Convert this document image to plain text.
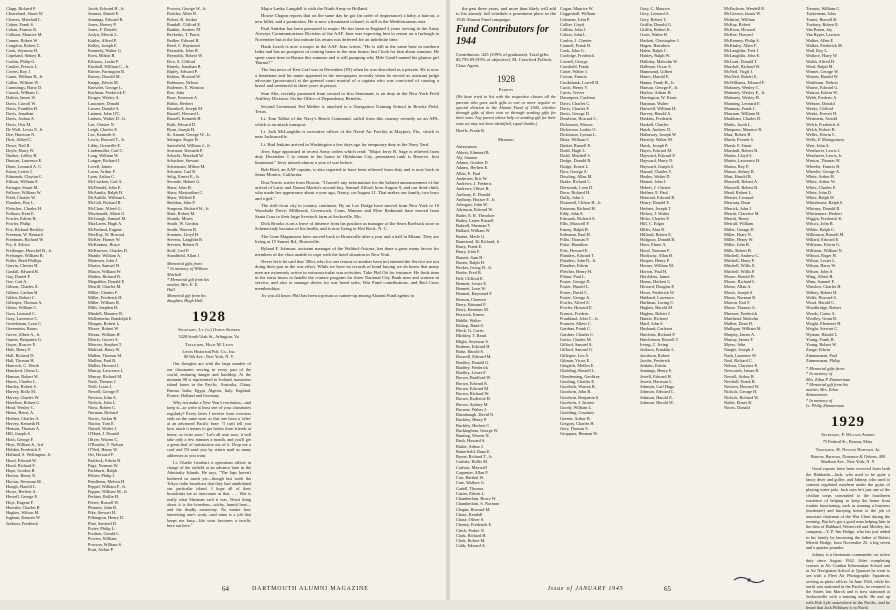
Clapp, Richard F.
Cleaveland, Stuart W.
Cleaves, Marshall L.
Coben, Frank S.
Cohan, Francis R.
Colburn, Maurice M.
Conner, Robert W.
Congdon, Robert C.
Cook, Seymour H.
Copeland, Sidney B.
Corbin, Philip G.
Coulter, Francis L.
Covert, Roy J.
Crane, William B., Jr.
Cullen, William W.
Cummings, Harry D.
Cusack, William C.
Dalton, James W.
Davis, Carroll W.
Davis, Franklin H.
Davis, Jonathan
Davis, Joshua A.
Davis, Otis M.
De Wolf, Lewis P., Jr.
Dee, Harrison N.
Dick, Alfred C.
Dowe, Ned R.
Doyle, Harry W.
Dueker, LeRoy H.
Duncan, Laurence E.
Dunn, Leonard A. C.
Eaton, Lester J.
Edmonds, Clayton C.
Ellison, William F.
Estinger, Stuart M.
Fellows, William W.
Field, Charles W.
Flanders, Roy L.
Fleischer, Charles H.
Folborn, Kent E.
Fowler, Edwin H.
Fowler, Philip
Fox, Richard Beckley
Freeman, W. Bernard
Friedman, Richard W.
Fry, S. Edwin
Freiberger, Herschel B., Jr.
Frybarger, William B.
Fuller, Reed Phillips
Garvin, Chester H.
Gaskill, Edward R.
Gay, Daniel F.
Gee, Carl A.
Gibson, Charles A.
Gilbert, Carlton B.
Gillett, Robert C.
Gillespie, Thomas A.
Glenn, William C.
Goss, Leonard C.
Gray, Lawrence C.
Greenbaum, Leon C.
Greenstein, Bruno
Greve, Albert A., Jr.
Gunter, Benjamin G.
Guyer, Roscoe E.
Hale, Henry P.
Hall, Richard D.
Hall, Thomas H.
Hancock, C. Worth
Hansford, Glenn L.
Hanson, Robert W.
Harris, Charles L.
Hartley, Robert S.
Harvey, Rollo M.
Harvey, Charles W.
Hazelton, Robert C.
Head, Wesley C.
Heinz, Henry A.
Herbert, Charles A.
Hervey, Kenneth H.
Henson, Thomas A.
Hill, Joseph S.
Hoitt, George F.
Hoyt, William S., 3rd
Holden, Frederick F.
Holland, S. Wellington, Jr.
Hood, Edward W.
Hood, Richard F.
Hope, Gordon R.
Horton, Henry N.
Horton, Newman M.
Hough, Harold L.
Howe, Herbert A.
Howell, George E.
Hoyt, Eugene F.
Huestler, Charles R.
Hughes, Wilson M.
Ingham, Kennett W.
Jackson, Frederick
Jacob, Edward H., Jr.
Jenness, Daniel E.
Jennings, Edward R.
Jones, Harvey P.
Jones, F. Donald
Joslyn, Merritt L.
Kahler, Alfred P.
Kelley, Joseph F.
Kennedy, Walter G.
Kern, Milton B.
Kilmarx, Leslie F.
Kimball, William C., Jr.
Kinner, Farrington B.
Kinsey, Donald M.
Knapp, Edwin M.
Knowles, George L.
Korlman, Frederick F.
Kruger, Wesley A.
Lancaster, Donald
Larsen, Donald A.
Latimer, John O'C.
Lashaw, Walter D., Jr.
Lee, Chester N.
Leigh, Charles E.
Lex, Kenneth S.
Lewis, Howard T., Jr.
Libby, Granville E.
Lindemuller, Carl C.
Long, William W.
Longee, Richard J.
Lovell, James
Lucas, Arthur F.
Lynn, Arthur C.
McCracken, Carl A.
McDonald, John E.
McAnulty, Ralph H.
McAuliffe, William L.
McCall, Richard R.
McClure, Alfred G.
Macdonald, Albert G.
McGough, Samuel M.
MacLaren, Hugh A.
McFarland, Eugene
MacKay, W. Howard
McKee, Homer W.
McKennon, Bruce
McKnower, Charles D.
Mantle, William A.
Mattesen, John J.
Martin, Samuel H.
Mason, William W.
Mather, Richard B.
Megathlin, Donald E.
Merrill, Charles M.
Miller, Charles F.
Miller, Frederick H.
Miller, William H.
Mills, Stephen H.
Mindell, Maurice B.
Mollenheim, Randolph E.
Morgan, Robert L.
Moore, Robert W.
Moran, William H.
Morris, Grover S.
Morrow, Stephen T.
Mulford, Harry W.
Mullen, Thomas M.
Mullins, Paul R.
Mullin, Howard J.
Murray, Lawrence J.
Murray, Richard M.
Nash, Thomas J.
Neill, Louis J.
Newell, George P.
Newton, John A.
Nichols, John L.
Nims, Robert C.
Norman, Richard
Norris, Arthur H.
Norton, Tom E.
Nuttall, Walter J.
O'Hara, J. Donald
Oliver, Warren C.
O'Rourke, T. Nelson
O'Neil, Henry W.
Orr, Howard F.
Paddock, Edwin B.
Page, Norman W.
Parkhurst, Ralph
Peltier, Philip J.
Pendleton, Melvin H.
Peppel, William F., Jr.
Pepper, William M., Jr.
Perkins, Rollin H.
Pettee, Russell W.
Phinney, John R.
Pike, Stewart H.
Pilkington, Henry D.
Platt, Sanford D.
Potter, Philip L.
Poulton, Gerald L.
Powers, William
Powson, William S.
Pratt, Arthur P.
Provost, George W., Jr.
Pulsifer, Allen H.
Pulver, B. Jordan
Randall, Clifford E.
Rankin, Andrew M.
Reckefus, T. Parris
Redlee, Edward B.
Reed, C. Raymond
Reynolds, John H.
Reynolds, Robert W.
Rice, S. Clifford
Rintels, Jonathan B.
Ripley, Edward P.
Robins, Howard W.
Robinson, Nelson
Rodemer, E. Winston
Roe, John
Rose, Emerson A.
Rubin, Herbert
Ruenkoff, Joseph M.
Russell, Howard L.
Russell, Kenneth H.
Ruth, Edward D.
Ryan, Joseph H.
St. Amant, George W., Jr.
Salinger, Roger B.
Satterfield, William J., Jr.
Scarmon, Kenneth P.
Schacht, Marshall W.
Schackne, Stewart
Schiesman, Milton M.
Schuster, Carl R.
Selig, Ernest E., Jr.
Seronde, Hubert G.
Shaw, John H.
Shaw, Maximilian C.
Shaw, Wilfred E.
Sheldon, John P.
Simpson, Richard W., Jr.
Slate, Robert M.
Slotnik, Moses
Smith, W. Gordon
Smith, Warren B.
Sommer, Lloyd H.
Stevens, Laughlin B.
Stevens, Robert N.
Stoff, Carl P.
Standfield, Allan J.
Memorial gifts from:
* In memory of William
Mitchell
* Memorial gift from his
mother, Mrs. E. E.
Hall.
Memorial gift from his
daughter, Hugh Hall.
1928
Secretary, Lt. (jg) Osmun Skinner
3328 South Utah St., Arlington, Va.
Treasurer, Hugh M. Lewis
Lewis Historical Pub. Co., Inc.
80 8th Ave., New York, N. Y.

Our thoughts are with the large number of our classmates serving in every part of the world, enduring danger and hardship. At the moment 98 is represented in Iceland, numerous island bases in the Pacific, Australia, China, Burma, India, Egypt, Algeria, Italy, England, France, Holland and Germany.

Why not make a New Year's resolution—and keep it—to write at least one of your classmates regularly? Every letter I receive from overseas ends on the same note: as this one from a 'offer' at an advanced Pacific base: "I can't tell you how much it means to get letters from friends at home, so write soon." Let's all start now; it will take only a few minutes a month, and you'll get a great deal of satisfaction out of it. Drop me a card and I'll send you by return mail as many addresses as you want.

Lt. Charlie Gearhart is operations officer in charge of the airfield at an advance base in the Admiralty Islands. He says, "The Japs haven't bothered us much yet—though last week the Tokyo radio broadcast that they had annihilated our particular island. I hope all of their broadcasts are as inaccurate as that. . . . War is really what Sherman said it was. Worst thing about it is the boredom—sticky, humid heat—and the deadly monotony. No matter how interesting one's work—and mine is a job that keeps me busy—life soon becomes a terrific bore out here."

Major Lanky Langdell is with the Ninth Army in Holland.

Howie Chapin reports that on the same day he got (in order of importance) a baby, a haircut, a new billet, and a promotion. He is now a lieutenant colonel, is still in the Mediterranean area.

Paul Amidon has been promoted to major. He has been in England 3 years serving in the Army Airways Communications Division of the AAF. Jane was expecting him to return on a furlough in November but at the last minute his return was deferred for an indefinite time.

Hank Leach is now a major in the AAF. Jean writes, "He is still at the same base in northern India and has no prospects of coming home in the near future, but I look for him about summer. He spent some time in Burma this summer and is still pumping why Mile Caniff named his glamor girl 'Burma'!"

The last news of Ken Graf was in December (93) when he was described as a private. He is now a lieutenant and his name appeared in the newspapers recently when he served as assistant judge advocate (prosecutor) at the general court martial of a captain who was convicted of causing a brawl and sentenced to three years in prison.

Stan Alte, recently promoted from second to first lieutenant, is on duty in the New York Field Artillery Division. On the Office of Dependency Benefits.

Second Lieutenant Ted Mehler is attached to a Navigation Training School in Brooks Field, Texas.

Lt. Tom Talbot of the Navy's Beach Command, sailed from this country recently on an APA, which is an attack transport.

Lt. Jack McLaughlin is executive officer of the Naval Air Facility at Mayport, Fla., which is near Jacksonville.

Lt. Bud Jenkins arrived in Washington a few days ago for temporary duty at the Navy Yard.

Jerry Sage appointed in recent Army orders which read: "Major Jerry B. Sage is relieved from duty December 1 to return to his home in Oklahoma City, permanent rank is Reserve, first lieutenant." Jerry missed almost a year of war before.

Bob Reid, an AAF captain, is also reported to have been relieved from duty and is now back in Santa Monica, California.

Don Norris writes from Boston, "I haven't any information for the belated announcement of the arrival of Larry and Naomi Martin's second boy, Samuel Alford, born August 9, and our third child, who made her appearance about a year ago, Nancy, on August 11. That makes our family, two boys and a girl."

The shift from city to country continues. By air Los Dodge have moved from New York to 10 Woodside Drive, Millbrook, Greenwich, Conn. Munroe and Elise Redmond have moved from Santa Cruz to their large livestock farm at Sacksville, Mo.

Dick Brooks is on a leave of absence from his position as manager of the Sears Roebuck store in Schenectady because of his health, and is now living in Flat Rock, N. C.

The Gene Magnusons have moved back to Bronxville after a year and a half in Miami. They are living at 15 Sunset Rd., Bronxville.

Ryland F. Johnson, assistant manager of the Waldorf-Astoria, has done a great many favors for members of the class unable to cope with the hotel situation in New York.

Never let it be said that '28ers who for one reason or another have not entered the Service are not doing their part in the war effort. While we have no records of bond buying we do know that many men are extremely active in extracurricular war activities. Take Phil Ott for instance: He finds time in his extra hours to handle the contact program for three National City Bank men and women in service, and also to manage drives for war bond sales, War Fund contributions, and Red Cross memberships.

As you all know Phil has been top man or runner-up among Alumni Fund agents in

64	DARTMOUTH ALUMNI MAGAZINE

the past three years, and more than likely will add to his already full schedule a prominent place in the 1945 Alumni Fund campaign.

Fund Contributors for 1944
Contributors: 425 (199% of graduates). Total gifts: $3,795.09 (93% of objective). M. Crawford Pollock, Class Agent.
1928
Parents
(We have tried to list with the respective classes all the parents who gave such gifts to one or more regular or special division in the Alumni Fund of 1944, whether through gifts of their own or through sending gifts for their sons. Any parent whose help or sending gift for their sons we may not have identified, equal thanks.)
Hoefle, Frank B.
Members
Anonymous
Abbott, Edmund B.
Aly, Stanton
Adams, Gordon D.
Adams, Herbert E.
Allen, E. Paul
Andersen, Eric W.
Andrews, J. Frederic
Andrews, Oliver R.
Anthony, E. Donald
Anthony, Horace F., Jr.
Arbogast, John W.
Atkinson, Edward W.
Bader, E. R. Theodore
Bailey, Lester Russell
Bakeell, Sherman T.
Ballard, William W.
Barber, Merle G.
Barnstead, Kt Richard, Jr.
Barry, Frank E.
Barry, John F.
Bassett, Sam H.
Baxter, Ralph H.
Becker, Irving H., Jr.
Beebe, Fred B.
Bell, Clifford E.
Bennett, Lester E.
Bennett, Leon W.
Bennett, Raymond F.
Benson, Clarence
Berry, Edmund F.
Berry, Emmons M.
Beswick, Ernest
Biddle, Walter
Bishop, Rand S.
Bleck, G. Curtis
Blickley, T. Rand
Blight, Seymour S.
Bodmer, Edward H.
Bolte, Harold S.
Boswell, Edward M.
Bradley, Donald G.
Bradley, Frederick
Bradley, Lester F.
Brown, Bradford W.
Brown, Edward E.
Brown, Edward M.
Brown, Richard W.
Brown, Roderick H.
Brown, Sydney M.
Browne, Walter J.
Brumbaugh, David N.
Buckley, Henry P.
Buckley, Herbert C.
Buckingham, George W.
Bunting, Warren N.
Bush, Howard S.
Butler, Arthur J.
Butterfield, Dana E.
Byrne, Richard T., Jr.
Carlisle, Hollis M.
Carlson, Maxwell
Carpenter, Allan P.
Carr, Bartlett W.
Cate, Wallace G.
Cattell, Thomas
Cazier, Edwin L.
Chamberlain, Bruce W.
Chamberlain, S. Norman
Chapin, Howard M.
Chase, Kendall
Chase, Oliver S.
Cheney, Frederick E.
Chick, Parker N.
Clark, Richard H.
Clark, Robert M.
Cobb, Edward A.
Cogan, Maurice W.
Coggeshall, William
Coleman, John P.
Collier, Lloyd
Collins, John J.
Colton, John L.
Conlon, J. Chester
Connell, Frank H.
Cook, John G.
Coolidge, Frederick
Cornell, George
Cornfield, Frank
Cotter, Walter J.
Cowan, Francis
Cruikshank, Lowell B.
Curtis, Henry V.
Curtis, Trevor
Davenport, Carleton
Davis, Charles C.
Davis, Charles F.
Davis, George D.
Dearborn, Howard C.
Dickinson, Watson
Dickerson, Luther O.
Dickinson, Lyman L.
Dietz, William C.
Dinkel, Russell E.
Dodd, Hugh L.
Dodd, Mitchell S.
Dodge, Donald B.
Dodge, Ernest L.
Dow, George A.
Dowling, Allan M.
Drake, Richard C.
Drewniak, Leon D.
Drew, Richard H.
Duffy, John J.
Dwinnell, Clifton H., Jr.
Eastman, Richard H.
Eddy, John S.
Edwards, Richard A.
Ellis, Maxwell P.
Emery, Ralph H.
Erdmann, Paul H.
Fillio, Thomas F.
Fiske, Hamilton
Fitts, Howard E.
Flanders, Edward T.
Flanders, John B., Jr.
Flanders, Edwin
Fletcher, Henry H.
Flitner, Paul L.
Foster, George D.
Foster, Harold L.
Foster, David C.
Foster, George A.
Fowler, Alfred E.
Fowler, Howard E.
Francis, Frederic
Frankland, John C., Jr.
Franzen, Albert C.
Gardner, Frank C.
Gardner, Charles C.
Gavin, Charles M.
Gifford, Samuel A.
Gifford, Samuel G.
Gillespie, Leo A.
Gilman, Victor E.
Gingrich, Mellen E.
Gladding, Russell L.
Glendenning, Geoffrey
Gooding, Charles E.
Goodrich, Warren B.
Goodwin, John B.
Goodwin, Benjamin S.
Goodwin, J. Jerome
Goody, William L.
Goulding, Courtney
Greene, Arthur B.
Gregory, Charles H.
Grey, Thomas S.
Groppuer, Herman W.
Gray, C. Maurice
Grey, Leonard A.
Grey, Robert T.
Griffin, Donald G.
Griffin, Robert K.
Gwin, Walter B.
Hackett, Christopher J.
Hagen, Hamilton
Halen, Ralph C.
Hanley, Ralph W.
Halliday, Malcolm W.
Hallman, Oscar A.
Hammond, Gilbert
Hanes, Harold E.
Hanna, Frank H., Jr.
Hanson, George F., Jr.
Harlow, Adrian H.
Harrington, W. Keats
Hartman, Walter
Hartwell, William H.
Harvey, Harold A.
Haskins, Frederick
Haskell, Charles
Hatch, Andrew D.
Hathaway, Joseph W.
Haverly, Walter M.
Hawk, Joseph P.
Hayes, Edward M.
Hayward, Edward P.
Hayward, Harry N.
Hayward, Joseph S.
Hazard, Charles T.
Healey, Walter D.
Heaton, John J.
Hebert, J. Chester
Heffner, E. Paul
Hemond, Edward R.
Henry, Donald E.
Herbert, Joseph T.
Hickey, J. Walter
Hicks, Charles E.
Hill, C. Edgar
Hiller, Alan R.
Hilliard, Robert E.
Hodgson, Donald R.
Hoitt, Elmer A.
Hood, Norman F.
Hookway, Allan H.
Hooper, Henry P.
Horner, William M.
Horton, Paul H.
Hotchkiss, James
House, Herbert C.
Howard, Douglas P.
Howe, Frederick W.
Hubbard, Lawrence
Huffman, Loring C.
Hughes, Harold M.
Hughes, Robert J.
Hunter, Richard
Hurd, John S.
Husband, Carleton
Hutchins, Richard P.
Hutchinson, Russell T.
Irving, C. Irving
Jackson, Franklin L.
Jacobson, Robert
Jacobs, Frederick
Jenkins, Edwin
Jennings, Henry E.
Jewell, Edward H.
Jewett, Harrison L.
Johnson, Carl Hugo
Johnson, Edward C.
Johnson, Harold E.
Johnson, Harold W.
McEachran, Wendell R.
McGovern, James W.
McIntire, William
McKay, Robert
McKeon, Howard
McKee, Howard
McKenney, Philip S.
McKinley, Allan F.
McLaughlin, Fred J.
McLaughlin, John E.
McLean, Donald T.
Macduff, Richard W.
McNeil, Virgil J.
MacNeil, Robert E.
McWilliams, Edward F.
Mahoney, Wesley C.
Mahoney, Wesley E., Jr.
Mahoney, Wesley H.
Manning, Leonard E.
Mannion, Frank J.
Marriam, William H.
Markham, Charles D.
Marks, Jacob L.
Marquess, Maurice B.
Marr, Robert H.
Marsh, Everett S.
Marsh, F. Stuart
Marshall, Robert B.
Martin, Lloyd S.
Martin, Lawrence H.
Martin, Roy P.
Mason, Sidney B.
Mast, Harold B.
Maxwell, Robert A.
Maxwell, Robert B.
Mead, Robert L.
Meister, Leonard
Merriam, Dean
Merrick, John J.
Merritt, Clarence M.
Merritt, Henry
Metcalf, William
Miller, George D.
Miller, Harry N.
Miller, Henry W.
Miller, John B.
Mills, Robert R.
Mitchell, Andrew C.
Mitchell, Harry F.
Mitchell, Willis E.
Mitchell, Willis P.
Moore, Harold H.
Moore, Richard L.
Morse, Allan A.
Morse, Joseph S.
Morse, Norman B.
Morton, Earl F.
Morse, Thomas A.
Muesser, Frederick
Muirhead, Malcolm
Mullen, Dean H.
Mulligan, William M.
Murphy, James A.
Murray, James F.
Myers, John
Nangle, Joseph J.
Nash, Laurence W.
Neal, Richard C.
Nelson, Clarence E.
Newcomb, James R.
Newell, Arthur R.
Newhall, Frank B.
Newton, Howard W.
Nichols, George H.
Nichols, Richard W.
Noble, Elmer R.
Norris, Donald
Treanor, William C.
Tuckerman, John
Turner, Russell B.
Tuxbury, Robert E.
Van Buren, Jay
Van Ryper, Lawson
Walker, Allen F.
Walker, Frederick M.
Wall, Roy L.
Wallace, Harry W.
Walsh, Alfred H.
Ward, Ralph M.
Warner, George W.
Warren, Harold W.
Washburn, Nelson
Waters, Edward G.
Watson, Edwin W.
Webb, Frederic A.
Webster, Donald
Weeks, Clifford
Weeks, Everett H.
Weinstein, Arnold
Welch, Frederick A.
Welch, Robert B.
Welles, Edwin C.
Wells, F. Montgomery
West, John A.
Westhaver, Lewis J.
Westhaver, Lewis, Jr.
Weston, Thomas W.
Wheeler, Francis H.
Wheeler, George A.
White, Arthur R.
White, Arthur W.
White, Charles E.
White, John D.
White, Ralph W.
Whitehouse, Ralph S.
Whitney, Donald R.
Whittemore, Herbert
Wiggin, Frederick K.
Wilcox, John R.
Wilder, Ralph C.
Wilkinson, Russell M.
Willard, Edward E.
Williams, Edwin G.
Williams, William N.
Wilmot, Roger H.
Wilson, Lester L.
Wilson, Harry W.
Wilson, John A.
Wing, Albert H.
Winn, Samuel E.
Winslow, Charles H.
Withey, Robert H.
Wolfe, Howard S.
Wood, Harold C.
Woodbridge, Robert
Woods, Carter A.
Woolley, Grant B.
Wright, Ebenezer H.
Wright, Stewart C.
Wyman, Harold L.
Young, Frank H.
Young, Robert W.
Zange, Edwin
Zimmerman, Paul
Zimmerman, Philip
* Memorial gifts from:
* In memory of
Mrs. Edna P. Zimmerman
* Memorial gift from his
mother, Mrs. Edna
Zimmerman.
* In memory of
Lt. Philip Zimmerman
1929
Secretary, F. William Andres
75 Federal St., Boston, Mass.
Treasurer, H. Newton Hoffman, Jr.
Barrow, Barrows, Dorrance & Osborn, 489 Madison Ave., New York, N. Y.

Good reports have been received from both the Hubbards—Jack, who used to be quite a fancy diver and golfer, and Johnny, who used to commit regulated mayhem under the guise of playing water polo. Jack says he's just one of the civilian corps committed to the fourthteen existence of helping to keep the home front routine functioning, such as running a business (moderate) and hurrying home to the job of associate chairman of the War Chest during the evening. But he's got a good man helping him in the firm of Hubbard, Westervelt and Mottley, his company—Y. P. Jim Hodge, who has just added to his family by becoming the father of Robert Merritt Hodge, born November 25, a big seven and a quarter pounder.

Johnny is a lieutenant commander, on active duty since August 1942. After completing courses at Air Combat Information School and at Air Navigation School at Quonset he went to sea with a Fleet Air Photographic Squadron, serving as photo officer. In June 1944, while his outfit was stationed in the Pacific, he returned to the States last March and is now stationed at Jacksonville with a training outfit. He met up with Bob Lyle somewhere in the Pacific, and he heard that Jack Pillsbury is in North

Issue of JANUARY 1945	65
